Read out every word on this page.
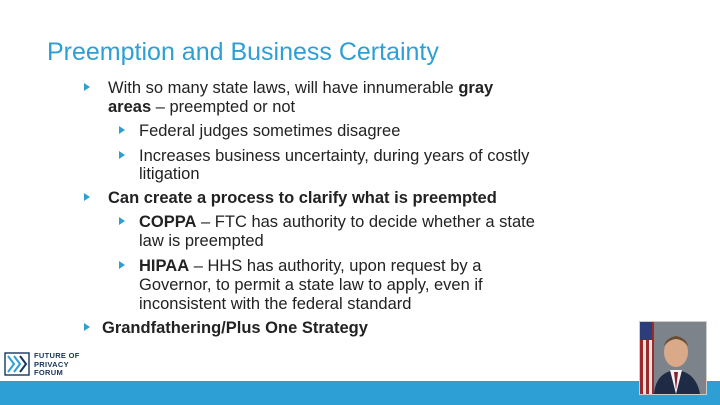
Preemption and Business Certainty
With so many state laws, will have innumerable gray
areas – preempted or not
Federal judges sometimes disagree
Increases business uncertainty, during years of costly
litigation
Can create a process to clarify what is preempted
COPPA – FTC has authority to decide whether a state
law is preempted
HIPAA – HHS has authority, upon request by a
Governor, to permit a state law to apply, even if
inconsistent with the federal standard
Grandfathering/Plus One Strategy
FUTURE OF
PRIVACY
FORUM
